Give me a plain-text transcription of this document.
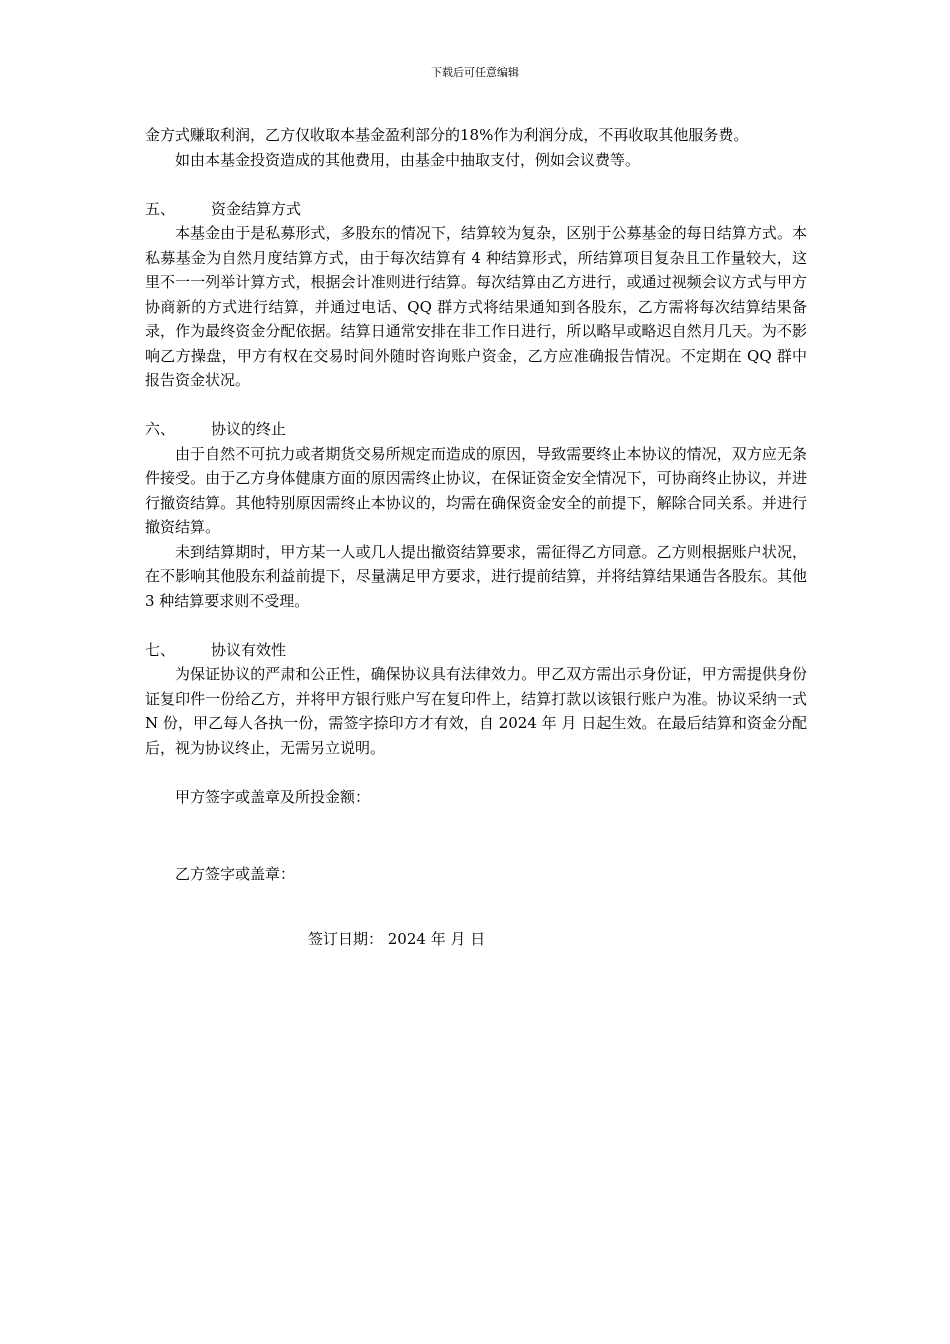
下载后可任意编辑

金方式赚取利润，乙方仅收取本基金盈利部分的18%作为利润分成，不再收取其他服务费。

如由本基金投资造成的其他费用，由基金中抽取支付，例如会议费等。

五、 资金结算方式

本基金由于是私募形式，多股东的情况下，结算较为复杂，区别于公募基金的每日结算方式。本私募基金为自然月度结算方式，由于每次结算有 4 种结算形式，所结算项目复杂且工作量较大，这里不一一列举计算方式，根据会计准则进行结算。每次结算由乙方进行，或通过视频会议方式与甲方协商新的方式进行结算，并通过电话、QQ 群方式将结果通知到各股东，乙方需将每次结算结果备录，作为最终资金分配依据。结算日通常安排在非工作日进行，所以略早或略迟自然月几天。为不影响乙方操盘，甲方有权在交易时间外随时咨询账户资金，乙方应准确报告情况。不定期在 QQ 群中报告资金状况。

六、 协议的终止

由于自然不可抗力或者期货交易所规定而造成的原因，导致需要终止本协议的情况，双方应无条件接受。由于乙方身体健康方面的原因需终止协议，在保证资金安全情况下，可协商终止协议，并进行撤资结算。其他特别原因需终止本协议的，均需在确保资金安全的前提下，解除合同关系。并进行撤资结算。

未到结算期时，甲方某一人或几人提出撤资结算要求，需征得乙方同意。乙方则根据账户状况，在不影响其他股东利益前提下，尽量满足甲方要求，进行提前结算，并将结算结果通告各股东。其他 3 种结算要求则不受理。

七、 协议有效性

为保证协议的严肃和公正性，确保协议具有法律效力。甲乙双方需出示身份证，甲方需提供身份证复印件一份给乙方，并将甲方银行账户写在复印件上，结算打款以该银行账户为准。协议采纳一式 N 份，甲乙每人各执一份，需签字捺印方才有效，自 2024 年 月 日起生效。在最后结算和资金分配后，视为协议终止，无需另立说明。

甲方签字或盖章及所投金额：

乙方签字或盖章：

签订日期： 2024 年 月 日
